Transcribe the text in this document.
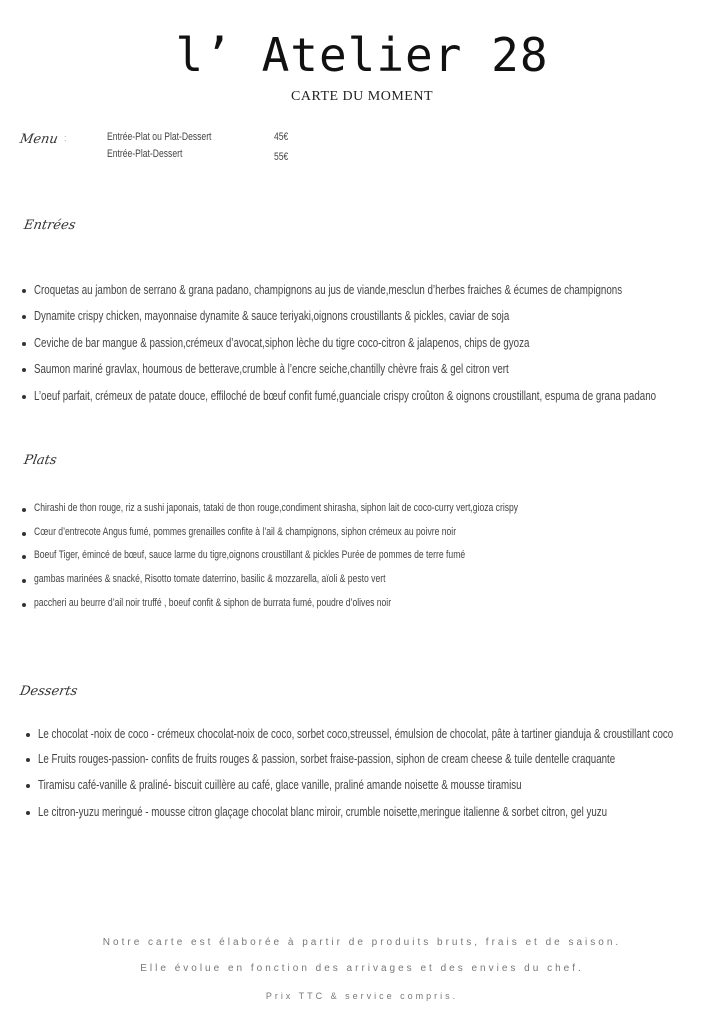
l’ Atelier 28
CARTE DU MOMENT
Menu :	Entrée-Plat ou Plat-Dessert	45€
Entrée-Plat-Dessert	55€
Entrées
Croquetas au jambon de serrano & grana padano, champignons au jus de viande,mesclun d’herbes fraiches & écumes de champignons
Dynamite crispy chicken, mayonnaise dynamite & sauce teriyaki,oignons croustillants & pickles, caviar de soja
Ceviche de bar mangue & passion,crémeux d’avocat,siphon lèche du tigre coco-citron & jalapenos, chips de gyoza
Saumon mariné gravlax, houmous de betterave,crumble à l’encre seiche,chantilly chèvre frais & gel citron vert
L’oeuf parfait, crémeux de patate douce, effiloché de bœuf confit fumé,guanciale crispy croûton & oignons croustillant, espuma de grana padano
Plats
Chirashi de thon rouge, riz a sushi japonais, tataki de thon rouge,condiment shirasha, siphon lait de coco-curry vert,gioza crispy
Cœur d’entrecote Angus fumé, pommes grenailles confite à l’ail & champignons, siphon crémeux au poivre noir
Boeuf Tiger, émincé de bœuf, sauce larme du tigre,oignons croustillant & pickles Purée de pommes de terre fumé
gambas marinées & snacké, Risotto tomate daterrino, basilic & mozzarella, aïoli & pesto vert
paccheri au beurre d’ail noir truffé , boeuf confit & siphon de burrata fumé, poudre d’olives noir
Desserts
Le chocolat -noix de coco - crémeux chocolat-noix de coco, sorbet coco,streussel, émulsion de chocolat, pâte à tartiner gianduja & croustillant coco
Le Fruits rouges-passion- confits de fruits rouges & passion, sorbet fraise-passion, siphon de cream cheese & tuile dentelle craquante
Tiramisu café-vanille & praliné- biscuit cuillère au café, glace vanille, praliné amande noisette & mousse tiramisu
Le citron-yuzu meringué - mousse citron glaçage chocolat blanc miroir, crumble noisette,meringue italienne & sorbet citron, gel yuzu
Notre carte est élaborée à partir de produits bruts, frais et de saison.
Elle évolue en fonction des arrivages et des envies du chef.
Prix TTC & service compris.
